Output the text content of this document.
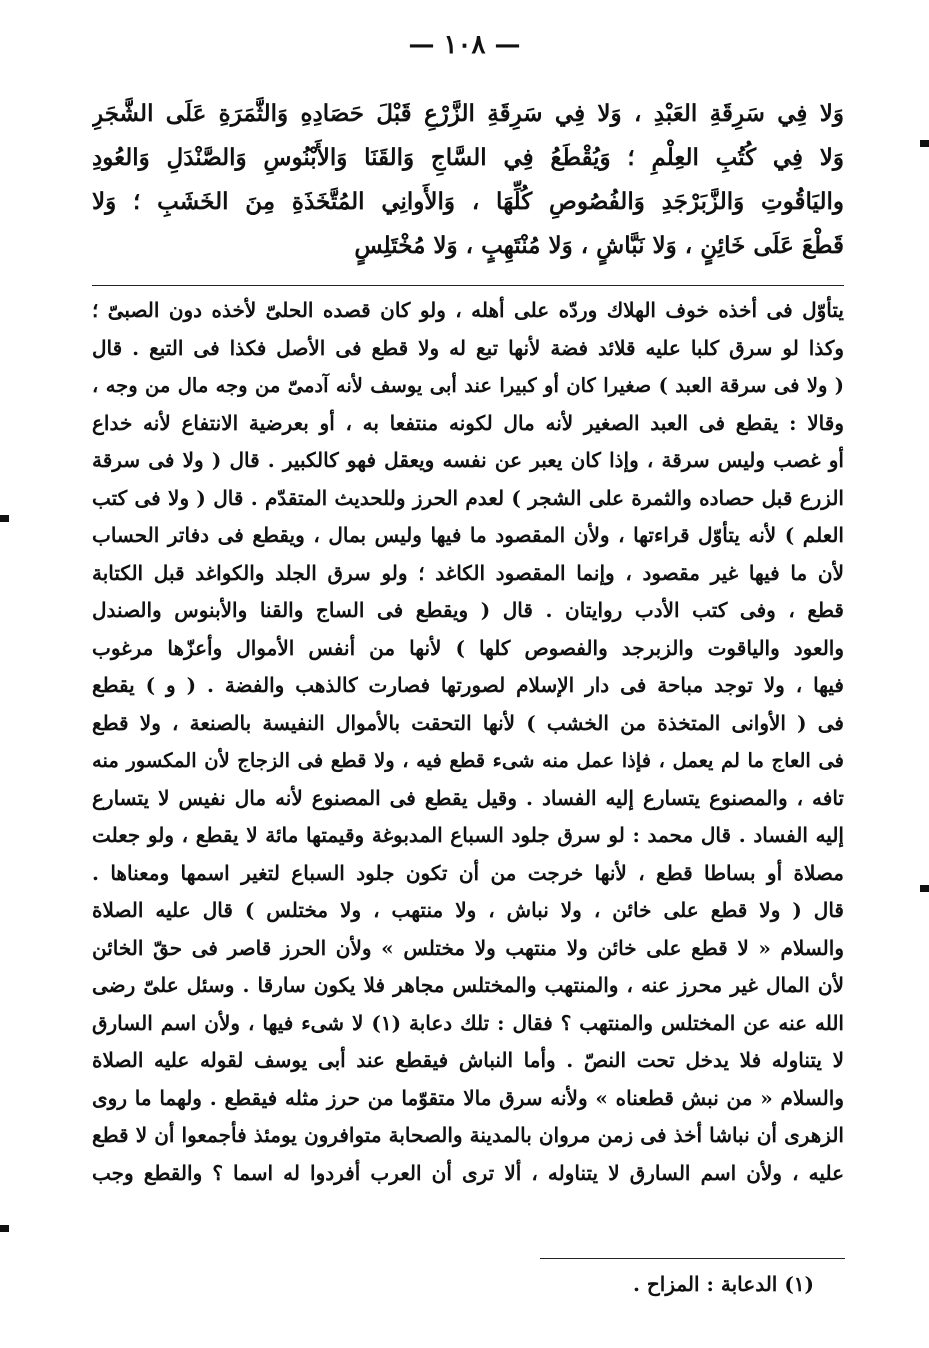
— ١٠٨ —
وَلا فِي سَرِقَةِ العَبْدِ ، وَلا فِي سَرِقَةِ الزَّرْعِ قَبْلَ حَصَادِهِ وَالثَّمَرَةِ عَلَى الشَّجَرِ
وَلا فِي كُتُبِ العِلْمِ ؛ وَيُقْطَعُ فِي السَّاجِ وَالقَنَا وَالأَبْنُوسِ وَالصَّنْدَلِ وَالعُودِ
واليَاقُوتِ وَالزَّبَرْجَدِ وَالفُصُوصِ كُلِّهَا ، وَالأَوانِي المُتَّخَذَةِ مِنَ الخَشَبِ ؛ وَلا
قَطْعَ عَلَى خَائِنٍ ، وَلا نَبَّاشٍ ، وَلا مُنْتَهِبٍ ، وَلا مُخْتَلِسٍ
يتأوّل فى أخذه خوف الهلاك وردّه على أهله ، ولو كان قصده الحلىّ لأخذه دون الصبىّ ؛
وكذا لو سرق كلبا عليه قلائد فضة لأنها تبع له ولا قطع فى الأصل فكذا فى التبع . قال
( ولا فى سرقة العبد ) صغيرا كان أو كبيرا عند أبى يوسف لأنه آدمىّ من وجه مال من وجه ،
وقالا : يقطع فى العبد الصغير لأنه مال لكونه منتفعا به ، أو بعرضية الانتفاع لأنه خداع
أو غصب وليس سرقة ، وإذا كان يعبر عن نفسه ويعقل فهو كالكبير . قال ( ولا فى سرقة
الزرع قبل حصاده والثمرة على الشجر ) لعدم الحرز وللحديث المتقدّم . قال ( ولا فى كتب
العلم ) لأنه يتأوّل قراءتها ، ولأن المقصود ما فيها وليس بمال ، ويقطع فى دفاتر الحساب
لأن ما فيها غير مقصود ، وإنما المقصود الكاغد ؛ ولو سرق الجلد والكواغد قبل الكتابة
قطع ، وفى كتب الأدب روايتان . قال ( ويقطع فى الساج والقنا والأبنوس والصندل
والعود والياقوت والزبرجد والفصوص كلها ) لأنها من أنفس الأموال وأعزّها مرغوب
فيها ، ولا توجد مباحة فى دار الإسلام لصورتها فصارت كالذهب والفضة . ( و ) يقطع
فى ( الأوانى المتخذة من الخشب ) لأنها التحقت بالأموال النفيسة بالصنعة ، ولا قطع
فى العاج ما لم يعمل ، فإذا عمل منه شىء قطع فيه ، ولا قطع فى الزجاج لأن المكسور منه
تافه ، والمصنوع يتسارع إليه الفساد . وقيل يقطع فى المصنوع لأنه مال نفيس لا يتسارع
إليه الفساد . قال محمد : لو سرق جلود السباع المدبوغة وقيمتها مائة لا يقطع ، ولو جعلت
مصلاة أو بساطا قطع ، لأنها خرجت من أن تكون جلود السباع لتغير اسمها ومعناها .
قال ( ولا قطع على خائن ، ولا نباش ، ولا منتهب ، ولا مختلس ) قال عليه الصلاة
والسلام « لا قطع على خائن ولا منتهب ولا مختلس » ولأن الحرز قاصر فى حقّ الخائن
لأن المال غير محرز عنه ، والمنتهب والمختلس مجاهر فلا يكون سارقا . وسئل علىّ رضى
الله عنه عن المختلس والمنتهب ؟ فقال : تلك دعابة (١) لا شىء فيها ، ولأن اسم السارق
لا يتناوله فلا يدخل تحت النصّ . وأما النباش فيقطع عند أبى يوسف لقوله عليه الصلاة
والسلام « من نبش قطعناه » ولأنه سرق مالا متقوّما من حرز مثله فيقطع . ولهما ما روى
الزهرى أن نباشا أخذ فى زمن مروان بالمدينة والصحابة متوافرون يومئذ فأجمعوا أن لا قطع
عليه ، ولأن اسم السارق لا يتناوله ، ألا ترى أن العرب أفردوا له اسما ؟ والقطع وجب
(١) الدعابة : المزاح .
